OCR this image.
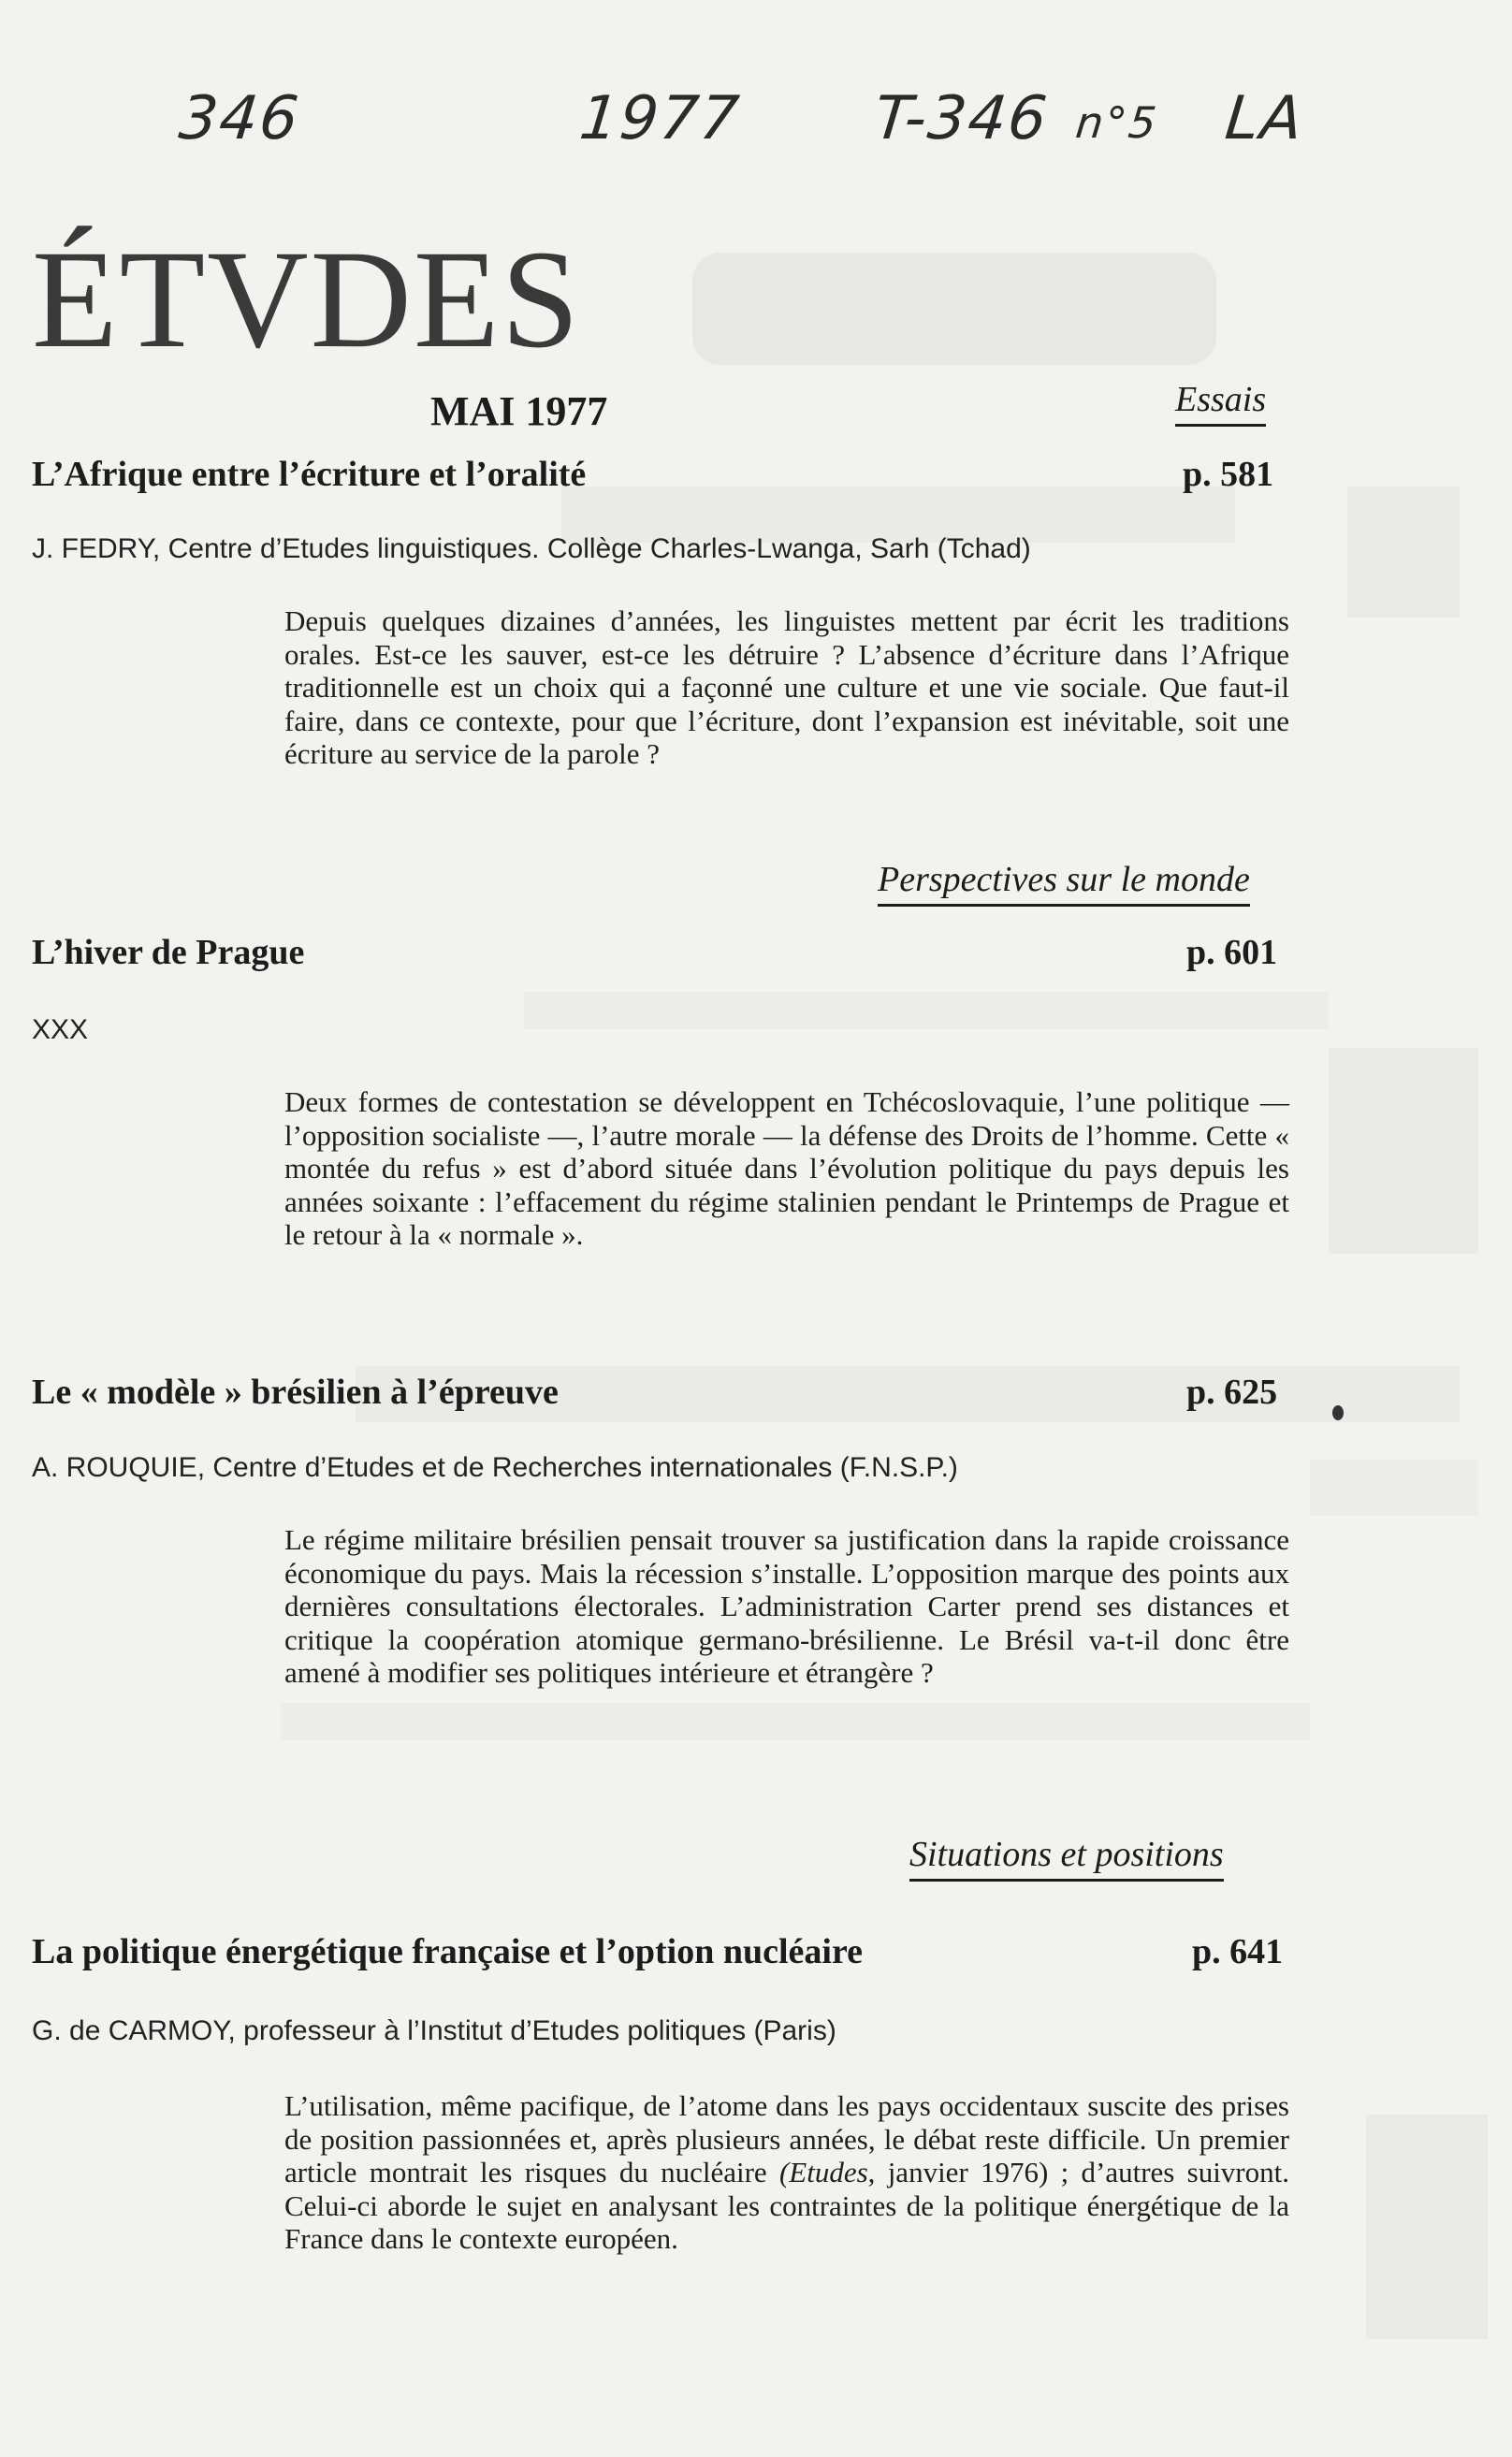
346	1977 T-346 n°5 LA
ÉTVDES
MAI 1977	Essais
L’Afrique entre l’écriture et l’oralité	p. 581
J. FEDRY, Centre d’Etudes linguistiques. Collège Charles-Lwanga, Sarh (Tchad)
Depuis quelques dizaines d’années, les linguistes mettent par écrit les traditions orales. Est-ce les sauver, est-ce les détruire ? L’absence d’écriture dans l’Afrique traditionnelle est un choix qui a façonné une culture et une vie sociale. Que faut-il faire, dans ce contexte, pour que l’écriture, dont l’expansion est inévitable, soit une écriture au service de la parole ?
Perspectives sur le monde
L’hiver de Prague	p. 601
XXX
Deux formes de contestation se développent en Tchécoslovaquie, l’une politique — l’opposition socialiste —, l’autre morale — la défense des Droits de l’homme. Cette « montée du refus » est d’abord située dans l’évolution politique du pays depuis les années soixante : l’effacement du régime stalinien pendant le Printemps de Prague et le retour à la « normale ».
Le « modèle » brésilien à l’épreuve	p. 625
A. ROUQUIE, Centre d’Etudes et de Recherches internationales (F.N.S.P.)
Le régime militaire brésilien pensait trouver sa justification dans la rapide croissance économique du pays. Mais la récession s’installe. L’opposition marque des points aux dernières consultations électorales. L’administration Carter prend ses distances et critique la coopération atomique germano-brésilienne. Le Brésil va-t-il donc être amené à modifier ses politiques intérieure et étrangère ?
Situations et positions
La politique énergétique française et l’option nucléaire	p. 641
G. de CARMOY, professeur à l’Institut d’Etudes politiques (Paris)
L’utilisation, même pacifique, de l’atome dans les pays occidentaux suscite des prises de position passionnées et, après plusieurs années, le débat reste difficile. Un premier article montrait les risques du nucléaire (Etudes, janvier 1976) ; d’autres suivront. Celui-ci aborde le sujet en analysant les contraintes de la politique énergétique de la France dans le contexte européen.
